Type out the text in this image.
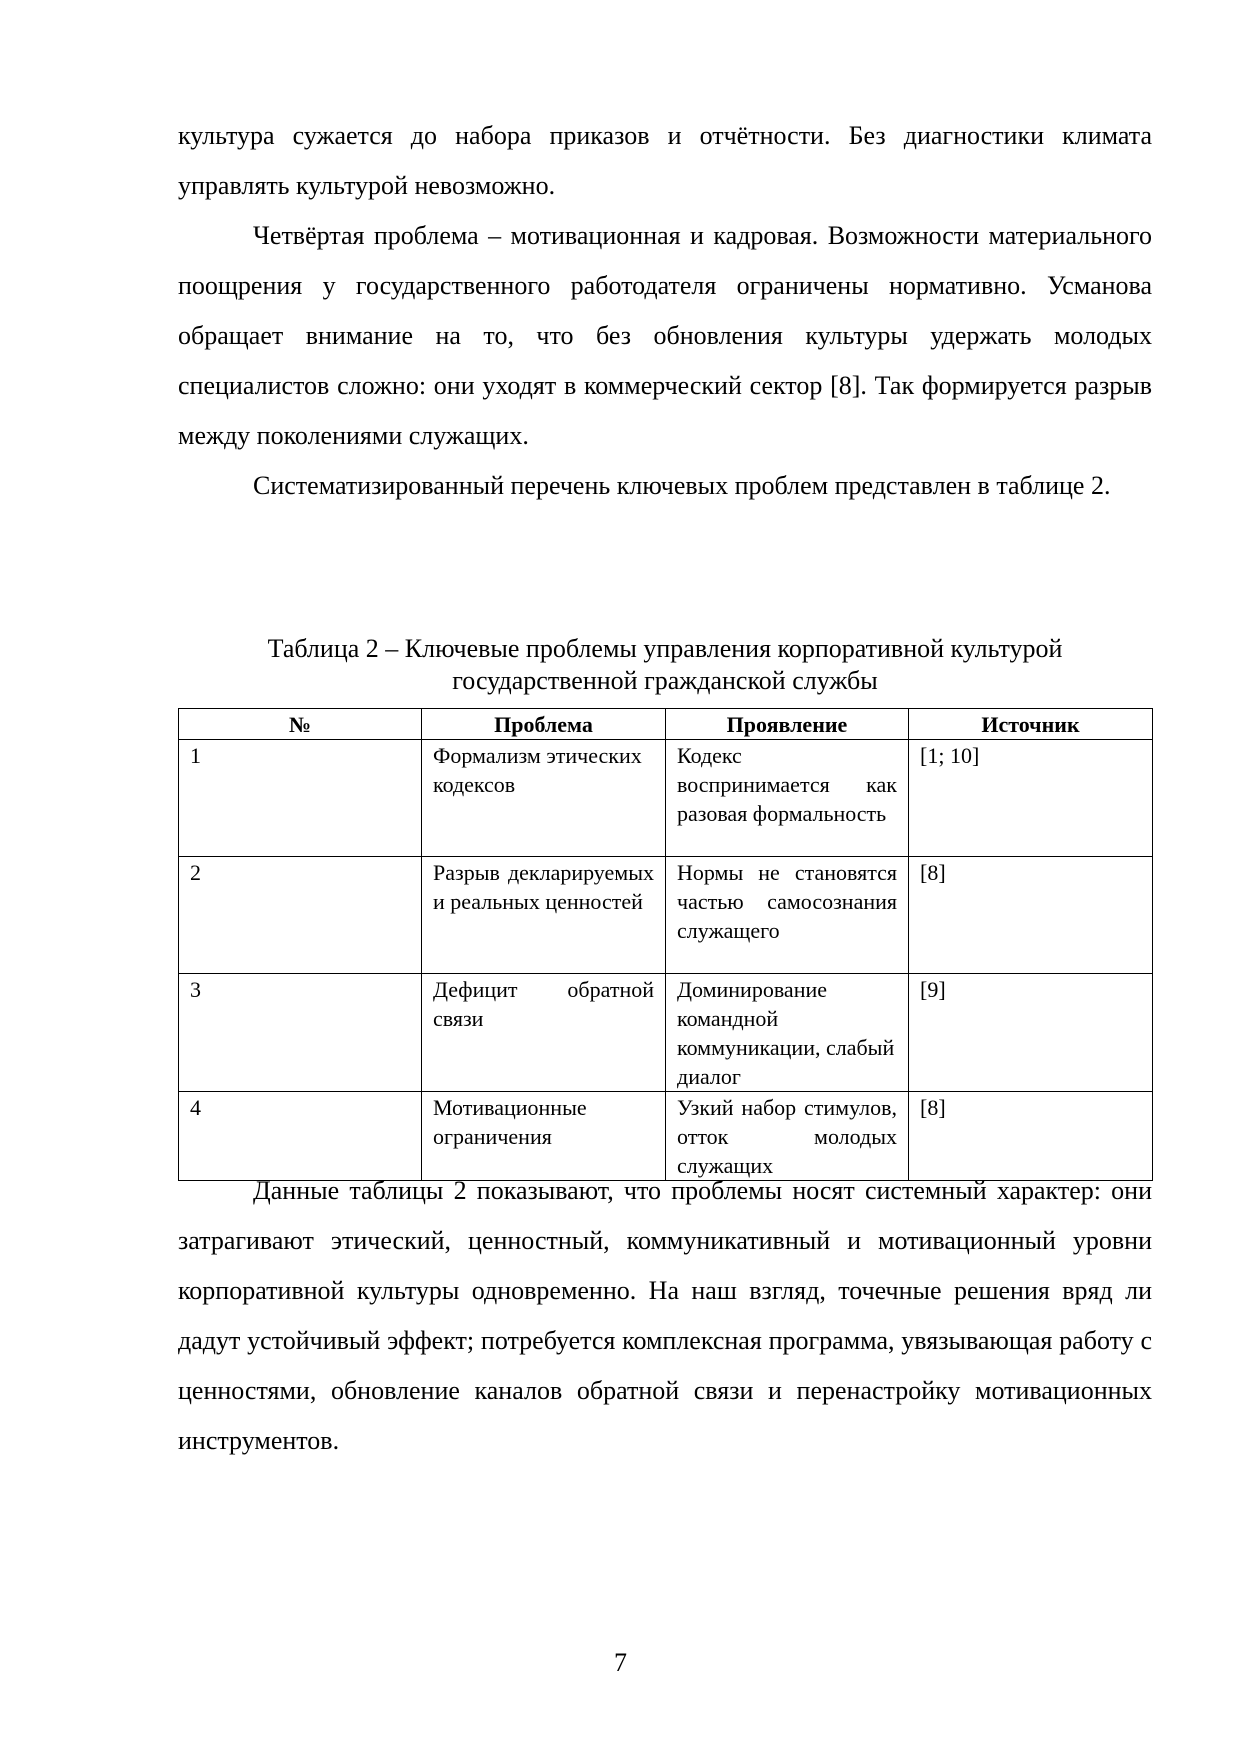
культура сужается до набора приказов и отчётности. Без диагностики климата управлять культурой невозможно.

Четвёртая проблема – мотивационная и кадровая. Возможности материального поощрения у государственного работодателя ограничены нормативно. Усманова обращает внимание на то, что без обновления культуры удержать молодых специалистов сложно: они уходят в коммерческий сектор [8]. Так формируется разрыв между поколениями служащих.

Систематизированный перечень ключевых проблем представлен в таблице 2.

Таблица 2 – Ключевые проблемы управления корпоративной культурой
государственной гражданской службы
№	Проблема	Проявление	Источник
1	Формализм этических кодексов	Кодекс воспринимается как разовая формальность	[1; 10]
2	Разрыв декларируемых и реальных ценностей	Нормы не становятся частью самосознания служащего	[8]
3	Дефицит обратной связи	Доминирование командной коммуникации, слабый диалог	[9]
4	Мотивационные ограничения	Узкий набор стимулов, отток молодых служащих	[8]

Данные таблицы 2 показывают, что проблемы носят системный характер: они затрагивают этический, ценностный, коммуникативный и мотивационный уровни корпоративной культуры одновременно. На наш взгляд, точечные решения вряд ли дадут устойчивый эффект; потребуется комплексная программа, увязывающая работу с ценностями, обновление каналов обратной связи и перенастройку мотивационных инструментов.

7
